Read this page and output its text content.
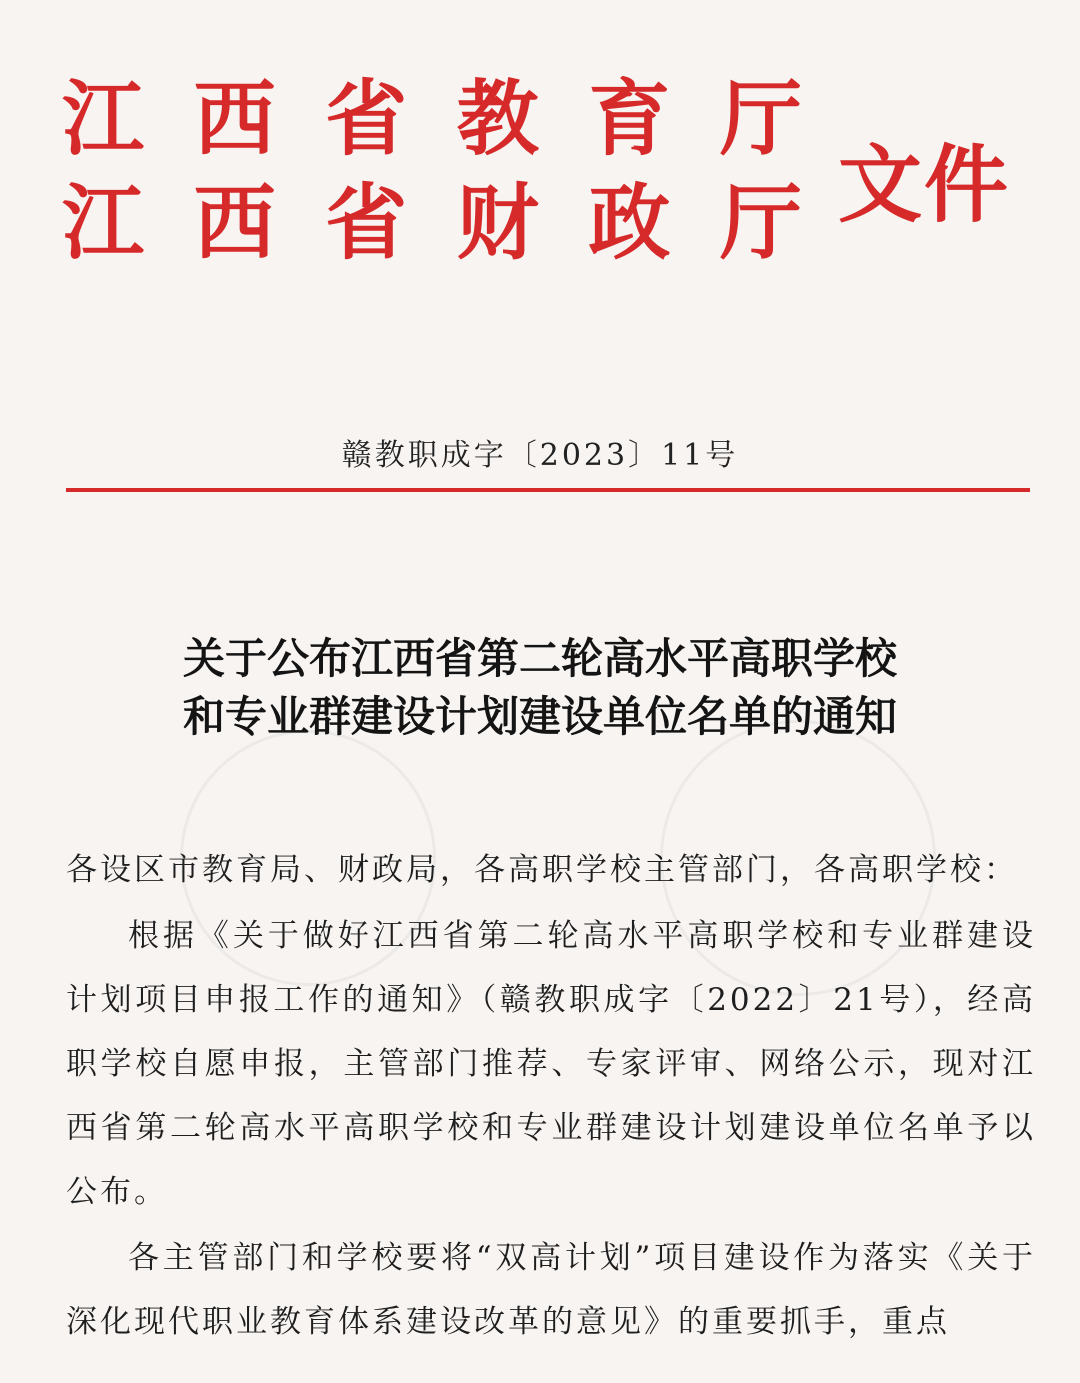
江 西 省 教 育 厅
江 西 省 财 政 厅 文件
赣教职成字〔2023〕11号
关于公布江西省第二轮高水平高职学校
和专业群建设计划建设单位名单的通知

各设区市教育局、财政局，各高职学校主管部门，各高职学校：

根据《关于做好江西省第二轮高水平高职学校和专业群建设计划项目申报工作的通知》（赣教职成字〔2022〕21号），经高职学校自愿申报，主管部门推荐、专家评审、网络公示，现对江西省第二轮高水平高职学校和专业群建设计划建设单位名单予以公布。

各主管部门和学校要将“双高计划”项目建设作为落实《关于深化现代职业教育体系建设改革的意见》的重要抓手，重点
